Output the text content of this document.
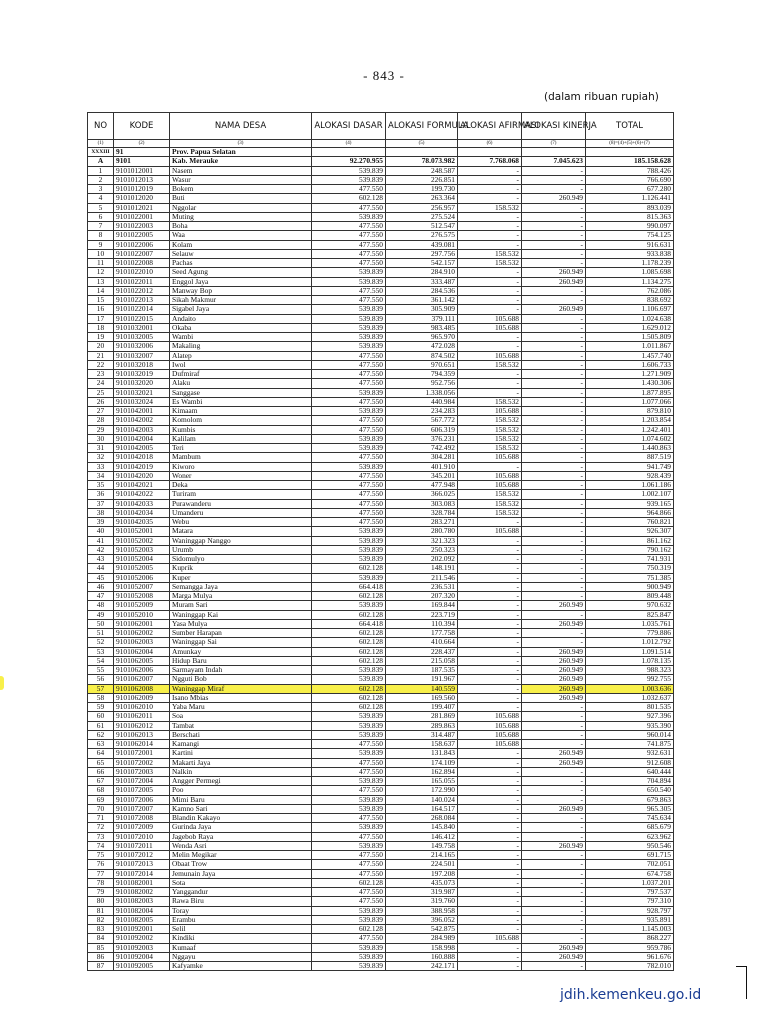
- 843 -
(dalam ribuan rupiah)
NO	KODE	NAMA DESA	ALOKASI DASAR	ALOKASI FORMULA	ALOKASI AFIRMASI	ALOKASI KINERJA	TOTAL
(1)	(2)	(3)	(4)	(5)	(6)	(7)	(8)=(4)+(5)+(6)+(7)
XXXIII	91	Prov. Papua Selatan					
A	9101	Kab. Merauke	92.270.955	78.073.982	7.768.068	7.045.623	185.158.628
1	9101012001	Nasem	539.839	248.587	-	-	788.426
2	9101012013	Wasur	539.839	226.851	-	-	766.690
3	9101012019	Bokem	477.550	199.730	-	-	677.280
4	9101012020	Buti	602.128	263.364	-	260.949	1.126.441
5	9101012021	Nggolar	477.550	256.957	158.532	-	893.039
6	9101022001	Muting	539.839	275.524	-	-	815.363
7	9101022003	Boha	477.550	512.547	-	-	990.097
8	9101022005	Waa	477.550	276.575	-	-	754.125
9	9101022006	Kolam	477.550	439.081	-	-	916.631
10	9101022007	Selauw	477.550	297.756	158.532	-	933.838
11	9101022008	Pachas	477.550	542.157	158.532	-	1.178.239
12	9101022010	Seed Agung	539.839	284.910	-	260.949	1.085.698
13	9101022011	Enggol Jaya	539.839	333.487	-	260.949	1.134.275
14	9101022012	Manway Bop	477.550	284.536	-	-	762.086
15	9101022013	Sikah Makmur	477.550	361.142	-	-	838.692
16	9101022014	Sigabel Jaya	539.839	305.909	-	260.949	1.106.697
17	9101022015	Andaito	539.839	379.111	105.688	-	1.024.638
18	9101032001	Okaba	539.839	983.485	105.688	-	1.629.012
19	9101032005	Wambi	539.839	965.970	-	-	1.505.809
20	9101032006	Makaling	539.839	472.028	-	-	1.011.867
21	9101032007	Alatep	477.550	874.502	105.688	-	1.457.740
22	9101032018	Iwol	477.550	970.651	158.532	-	1.606.733
23	9101032019	Dufmiraf	477.550	794.359	-	-	1.271.909
24	9101032020	Alaku	477.550	952.756	-	-	1.430.306
25	9101032021	Sanggase	539.839	1.338.056	-	-	1.877.895
26	9101032024	Es Wambi	477.550	440.984	158.532	-	1.077.066
27	9101042001	Kimaam	539.839	234.283	105.688	-	879.810
28	9101042002	Komolom	477.550	567.772	158.532	-	1.203.854
29	9101042003	Kumbis	477.550	606.319	158.532	-	1.242.401
30	9101042004	Kalilam	539.839	376.231	158.532	-	1.074.602
31	9101042005	Teri	539.839	742.492	158.532	-	1.440.863
32	9101042018	Mambum	477.550	304.281	105.688	-	887.519
33	9101042019	Kiworo	539.839	401.910	-	-	941.749
34	9101042020	Woner	477.550	345.201	105.688	-	928.439
35	9101042021	Deka	477.550	477.948	105.688	-	1.061.186
36	9101042022	Turiram	477.550	366.025	158.532	-	1.002.107
37	9101042033	Purawanderu	477.550	303.083	158.532	-	939.165
38	9101042034	Umanderu	477.550	328.784	158.532	-	964.866
39	9101042035	Webu	477.550	283.271	-	-	760.821
40	9101052001	Matara	539.839	280.780	105.688	-	926.307
41	9101052002	Waninggap Nanggo	539.839	321.323	-	-	861.162
42	9101052003	Urumb	539.839	250.323	-	-	790.162
43	9101052004	Sidomulyo	539.839	202.092	-	-	741.931
44	9101052005	Kuprik	602.128	148.191	-	-	750.319
45	9101052006	Kuper	539.839	211.546	-	-	751.385
46	9101052007	Semangga Jaya	664.418	236.531	-	-	900.949
47	9101052008	Marga Mulya	602.128	207.320	-	-	809.448
48	9101052009	Muram Sari	539.839	169.844	-	260.949	970.632
49	9101052010	Waninggap Kai	602.128	223.719	-	-	825.847
50	9101062001	Yasa Mulya	664.418	110.394	-	260.949	1.035.761
51	9101062002	Sumber Harapan	602.128	177.758	-	-	779.886
52	9101062003	Waninggap Sai	602.128	410.664	-	-	1.012.792
53	9101062004	Amunkay	602.128	228.437	-	260.949	1.091.514
54	9101062005	Hidup Baru	602.128	215.058	-	260.949	1.078.135
55	9101062006	Sarmayam Indah	539.839	187.535	-	260.949	988.323
56	9101062007	Ngguti Bob	539.839	191.967	-	260.949	992.755
57	9101062008	Waninggap Miraf	602.128	140.559	-	260.949	1.003.636
58	9101062009	Isano Mbias	602.128	169.560	-	260.949	1.032.637
59	9101062010	Yaba Maru	602.128	199.407	-	-	801.535
60	9101062011	Soa	539.839	281.869	105.688	-	927.396
61	9101062012	Tambat	539.839	289.863	105.688	-	935.390
62	9101062013	Berschati	539.839	314.487	105.688	-	960.014
63	9101062014	Kamangi	477.550	158.637	105.688	-	741.875
64	9101072001	Kartini	539.839	131.843	-	260.949	932.631
65	9101072002	Makarti Jaya	477.550	174.109	-	260.949	912.608
66	9101072003	Nalkin	477.550	162.894	-	-	640.444
67	9101072004	Angger Permegi	539.839	165.055	-	-	704.894
68	9101072005	Poo	477.550	172.990	-	-	650.540
69	9101072006	Mimi Baru	539.839	140.024	-	-	679.863
70	9101072007	Kamno Sari	539.839	164.517	-	260.949	965.305
71	9101072008	Blandin Kakayo	477.550	268.084	-	-	745.634
72	9101072009	Gurinda Jaya	539.839	145.840	-	-	685.679
73	9101072010	Jagebob Raya	477.550	146.412	-	-	623.962
74	9101072011	Wenda Asri	539.839	149.758	-	260.949	950.546
75	9101072012	Melin Megikar	477.550	214.165	-	-	691.715
76	9101072013	Obaat Trow	477.550	224.501	-	-	702.051
77	9101072014	Jemunain Jaya	477.550	197.208	-	-	674.758
78	9101082001	Sota	602.128	435.073	-	-	1.037.201
79	9101082002	Yanggandur	477.550	319.987	-	-	797.537
80	9101082003	Rawa Biru	477.550	319.760	-	-	797.310
81	9101082004	Toray	539.839	388.958	-	-	928.797
82	9101082005	Erambu	539.839	396.052	-	-	935.891
83	9101092001	Selil	602.128	542.875	-	-	1.145.003
84	9101092002	Kindiki	477.550	284.989	105.688	-	868.227
85	9101092003	Kumaaf	539.839	158.998	-	260.949	959.786
86	9101092004	Nggayu	539.839	160.888	-	260.949	961.676
87	9101092005	Kafyamke	539.839	242.171	-	-	782.010
jdih.kemenkeu.go.id
